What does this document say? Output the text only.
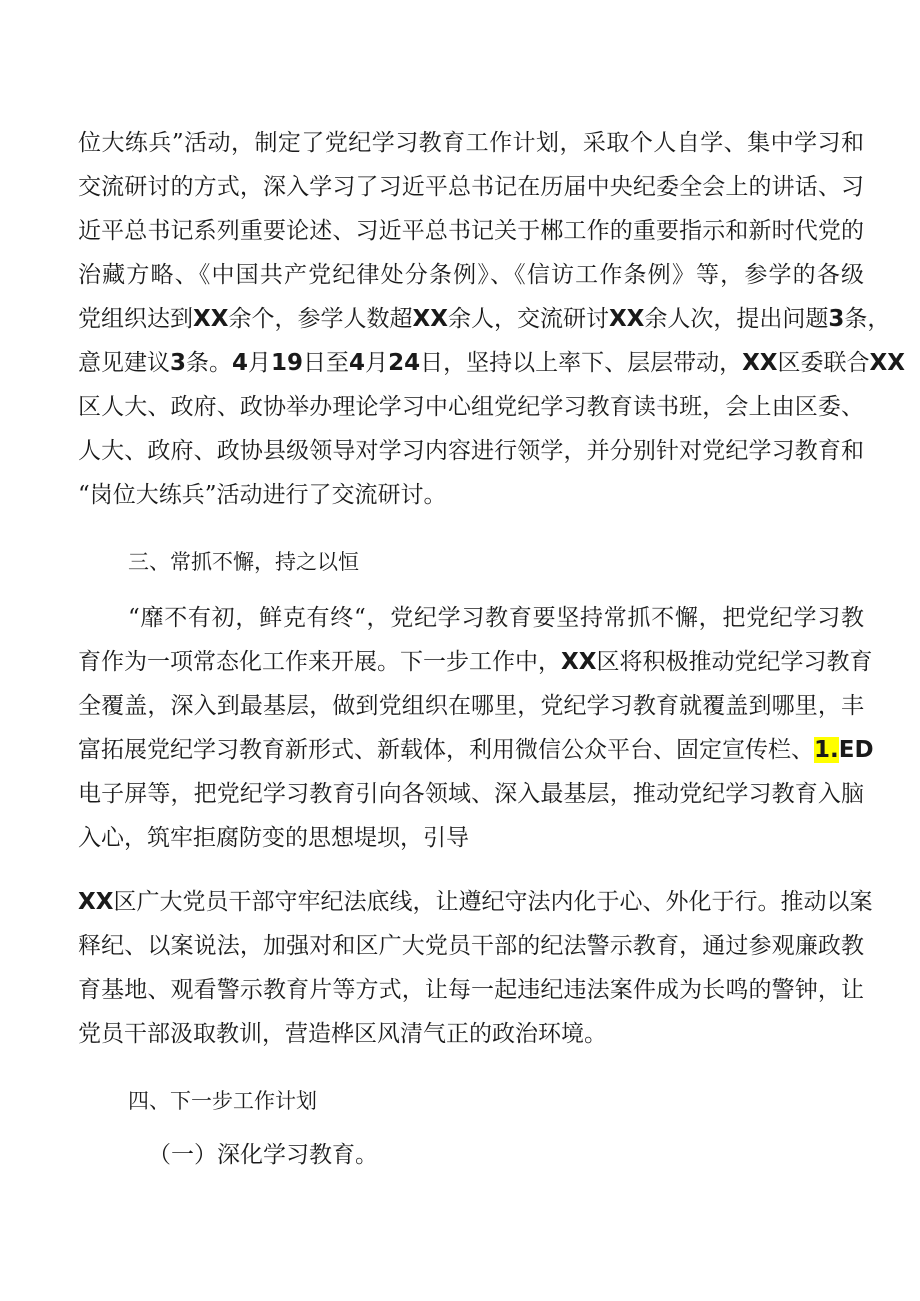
位大练兵”活动，制定了党纪学习教育工作计划，采取个人自学、集中学习和
交流研讨的方式，深入学习了习近平总书记在历届中央纪委全会上的讲话、习
近平总书记系列重要论述、习近平总书记关于郴工作的重要指示和新时代党的
治藏方略、《中国共产党纪律处分条例》、《信访工作条例》等，参学的各级
党组织达到XX余个，参学人数超XX余人，交流研讨XX余人次，提出问题3条，
意见建议3条。4月19日至4月24日，坚持以上率下、层层带动，XX区委联合XX
区人大、政府、政协举办理论学习中心组党纪学习教育读书班，会上由区委、
人大、政府、政协县级领导对学习内容进行领学，并分别针对党纪学习教育和
“岗位大练兵”活动进行了交流研讨。
三、常抓不懈，持之以恒
“靡不有初，鲜克有终“，党纪学习教育要坚持常抓不懈，把党纪学习教
育作为一项常态化工作来开展。下一步工作中，XX区将积极推动党纪学习教育
全覆盖，深入到最基层，做到党组织在哪里，党纪学习教育就覆盖到哪里，丰
富拓展党纪学习教育新形式、新载体，利用微信公众平台、固定宣传栏、1.ED
电子屏等，把党纪学习教育引向各领域、深入最基层，推动党纪学习教育入脑
入心，筑牢拒腐防变的思想堤坝，引导
XX区广大党员干部守牢纪法底线，让遵纪守法内化于心、外化于行。推动以案
释纪、以案说法，加强对和区广大党员干部的纪法警示教育，通过参观廉政教
育基地、观看警示教育片等方式，让每一起违纪违法案件成为长鸣的警钟，让
党员干部汲取教训，营造桦区风清气正的政治环境。
四、下一步工作计划
（一）深化学习教育。
